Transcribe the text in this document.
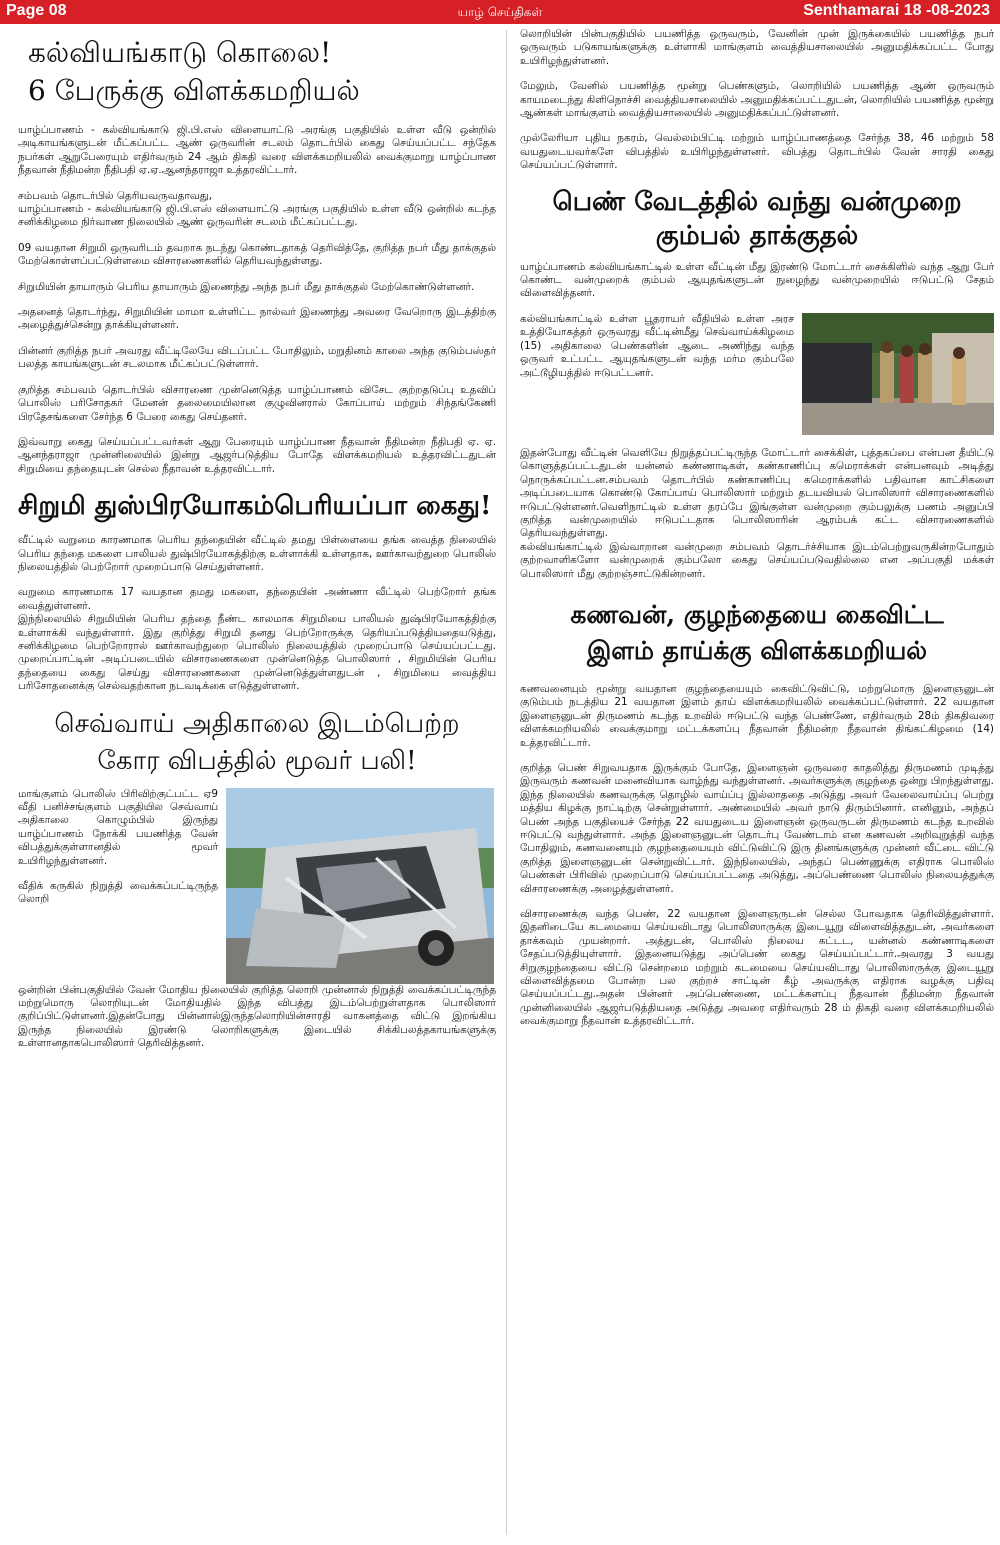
Page 08	யாழ் செய்திகள்	Senthamarai 18 -08-2023
கல்வியங்காடு கொலை!
6 பேருக்கு விளக்கமறியல்

யாழ்ப்பாணம் - கல்வியங்காடு ஜி.பி.எஸ் விளையாட்டு அரங்கு பகுதியில் உள்ள வீடு ஒன்றில் அடிகாயங்களுடன் மீட்கப்பட்ட ஆண் ஒருவரின் சடலம் தொடர்பில் கைது செய்யப்பட்ட சந்தேக நபர்கள் ஆறுபேரையும் எதிர்வரும் 24 ஆம் திகதி வரை விளக்கமறியலில் வைக்குமாறு யாழ்ப்பாண நீதவான் நீதிமன்ற நீதிபதி ஏ.ஏ.ஆனந்தராஜா உத்தரவிட்டார்.

சம்பவம் தொடர்பில் தெரியவருவதாவது,

யாழ்ப்பாணம் - கல்வியங்காடு ஜி.பி.எஸ் விளையாட்டு அரங்கு பகுதியில் உள்ள வீடு ஒன்றில் கடந்த சனிக்கிழமை நிர்வாண நிலையில் ஆண் ஒருவரின் சடலம் மீட்கப்பட்டது.

09 வயதான சிறுமி ஒருவரிடம் தவறாக நடந்து கொண்டதாகத் தெரிவித்தே, குறித்த நபர் மீது தாக்குதல் மேற்கொள்ளப்பட்டுள்ளமை விசாரணைகளில் தெரியவந்துள்ளது.

சிறுமியின் தாயாரும் பெரிய தாயாரும் இணைந்து அந்த நபர் மீது தாக்குதல் மேற்கொண்டுள்ளனர்.

அதனைத் தொடர்ந்து, சிறுமியின் மாமா உள்ளிட்ட நால்வர் இணைந்து அவரை வேறொரு இடத்திற்கு அழைத்துச்சென்று தாக்கியுள்ளனர்.

பின்னர் குறித்த நபர் அவரது வீட்டிலேயே விடப்பட்ட போதிலும், மறுதினம் காலை அந்த குடும்பஸ்தர் பலத்த காயங்களுடன் சடலமாக மீட்கப்பட்டுள்ளார்.

குறித்த சம்பவம் தொடர்பில் விசாரணை முன்னெடுத்த யாழ்ப்பாணம் விசேட குற்றதடுப்பு உதவிப் பொலிஸ் பரிசோதகர் மேனன் தலைமையிலான குழுவினரால் கோப்பாய் மற்றும் சிந்தங்கேணி பிரதேசங்களை சேர்ந்த 6 பேரை கைது செய்தனர்.

இவ்வாறு கைது செய்யப்பட்டவர்கள் ஆறு பேரையும் யாழ்ப்பாண நீதவான் நீதிமன்ற நீதிபதி ஏ. ஏ. ஆனந்தராஜா முன்னிலையில் இன்று ஆஜர்படுத்திய போதே விளக்கமறியல் உத்தரவிட்டதுடன் சிறுமியை தந்தையுடன் செல்ல நீதாவன் உத்தரவிட்டார்.

சிறுமி துஸ்பிரயோகம்பெரியப்பா கைது!

வீட்டில் வறுமை காரணமாக பெரிய தந்தையின் வீட்டில் தமது பிள்ளையை தங்க வைத்த நிலையில் பெரிய தந்தை மகளை பாலியல் துஷ்பிரயோகத்திற்கு உள்ளாக்கி உள்ளதாக, ஊர்காவற்துறை பொலிஸ் நிலையத்தில் பெற்றோர் முறைப்பாடு செய்துள்ளனர்.

வறுமை காரணமாக 17 வயதான தமது மகளை, தந்தையின் அண்ணா வீட்டில் பெற்றோர் தங்க வைத்துள்ளனர்.

இந்நிலையில் சிறுமியின் பெரிய தந்தை நீண்ட காலமாக சிறுமியை பாலியல் துஷ்பிரயோகத்திற்கு உள்ளாக்கி வந்துள்ளார். இது குறித்து சிறுமி தனது பெற்றோருக்கு தெரியப்படுத்தியதையடுத்து, சனிக்கிழமை பெற்றோரால் ஊர்காவற்துறை பொலிஸ் நிலையத்தில் முறைப்பாடு செய்யப்பட்டது. முறைப்பாட்டின் அடிப்படையில் விசாரணைகளை முன்னெடுத்த பொலிஸார் , சிறுமியின் பெரிய தந்தையை கைது செய்து விசாரணைகளை முன்னெடுத்துள்ளதுடன் , சிறுமியை வைத்திய பரிசோதனைக்கு செல்வதற்கான நடவடிக்கை எடுத்துள்ளனர்.

செவ்வாய் அதிகாலை இடம்பெற்ற
கோர விபத்தில் மூவர் பலி!

மாங்குளம் பொலிஸ் பிரிவிற்குட்பட்ட ஏ9 வீதி பனிச்சங்குளம் பகுதியில செவ்வாய் அதிகாலை கொழும்பில் இருந்து யாழ்ப்பாணம் நோக்கி பயணித்த வேன் விபத்துக்குள்ளானதில் மூவர் உயிரிழந்துள்ளனர்.

வீதிக் கருகில் நிறுத்தி வைக்கப்பட்டிருந்த லொறி

ஒன்றின் பின்பகுதியில் வேன் மோதிய நிலையில் குறித்த லொறி முன்னால் நிறுத்தி வைக்கப்பட்டிருந்த மற்றுமொரு லொறியுடன் மோதியதில் இந்த விபத்து இடம்பெற்றுள்ளதாக பொலிஸார் குறிப்பிட்டுள்ளனர்.இதன்போது பின்னால்இருந்தலொறியின்சாரதி வாகனத்தை விட்டு இறங்கிய இருந்த நிலையில் இரண்டு லொறிகளுக்கு இடையில் சிக்கிபலத்தகாயங்களுக்கு உள்ளானதாகபொலிஸார் தெரிவித்தனர்.

லொறியின் பின்பகுதியில் பயணித்த ஒருவரும், வேனின் முன் இருக்கையில் பயணித்த நபர் ஒருவரும் படுகாயங்களுக்கு உள்ளாகி மாங்குளம் வைத்தியசாலையில் அனுமதிக்கப்பட்ட போது உயிரிழந்துள்ளனர்.

மேலும், வேனில் பயணித்த மூன்று பெண்களும், லொறியில் பயணித்த ஆண் ஒருவரும் காயமடைந்து கிளிநொச்சி வைத்தியசாலையில் அனுமதிக்கப்பட்டதுடன், லொறியில் பயணித்த மூன்று ஆண்கள் மாங்குளம் வைத்தியசாலையில் அனுமதிக்கப்பட்டுள்ளனர்.

முல்லேரியா புதிய நகரம், வெல்லம்பிட்டி மற்றும் யாழ்ப்பாணத்தை சேர்ந்த 38, 46 மற்றும் 58 வயதுடையவர்களே விபத்தில் உயிரிழந்துள்ளனர். விபத்து தொடர்பில் வேன் சாரதி கைது செய்யப்பட்டுள்ளார்.

பெண் வேடத்தில் வந்து வன்முறை
கும்பல் தாக்குதல்

யாழ்ப்பாணம் கல்வியங்காட்டில் உள்ள வீட்டின் மீது இரண்டு மோட்டார் சைக்கிளில் வந்த ஆறு பேர் கொண்ட வன்முறைக் கும்பல் ஆயுதங்களுடன் நுழைந்து வன்முறையில் ஈடுபட்டு சேதம் விளைவித்தனர்.

கல்வியங்காட்டில் உள்ள பூதராயர் வீதியில் உள்ள அரச உத்தியோகத்தர் ஒருவரது வீட்டின்மீது செவ்வாய்க்கிழமை (15) அதிகாலை பெண்களின் ஆடை அணிந்து வந்த ஒருவர் உட்பட்ட ஆயுதங்களுடன் வந்த மர்ம கும்பலே அட்டூழியத்தில் ஈடுபட்டனர்.

இதன்போது வீட்டின் வெளியே நிறுத்தப்பட்டிருந்த மோட்டார் சைக்கிள், புத்தகப்பை என்பன தீயிட்டு கொளுத்தப்பட்டதுடன் யன்னல் கண்ணாடிகள், கண்காணிப்பு கமெராக்கள் என்பனவும் அடித்து நொருக்கப்பட்டன.சம்பவம் தொடர்பில் கண்காணிப்பு கமெராக்களில் பதிவான காட்சிகளை அடிப்படையாக கொண்டு கோப்பாய் பொலிஸார் மற்றும் தடயவியல் பொலிஸார் விசாரணைகளில் ஈடுபட்டுள்ளனர்.வெளிநாட்டில் உள்ள தரப்பே இங்குள்ள வன்முறை கும்பலுக்கு பணம் அனுப்பி குறித்த வன்முறையில் ஈடுபட்டதாக பொலிஸாரின் ஆரம்பக் கட்ட விசாரணைகளில் தெரியவந்துள்ளது.

கல்வியங்காட்டில் இவ்வாறான வன்முறை சம்பவம் தொடர்ச்சியாக இடம்பெற்றுவருகின்றபோதும் குற்றவாளிகளோ வன்முறைக் கும்பலோ கைது செய்யப்படுவதில்லை என அப்பகுதி மக்கள் பொலிஸார் மீது குற்றஞ்சாட்டுகின்றனர்.

கணவன், குழந்தையை கைவிட்ட
இளம் தாய்க்கு விளக்கமறியல்

கணவனையும் மூன்று வயதான குழந்தையையும் கைவிட்டுவிட்டு, மற்றுமொரு இளைஞனுடன் குடும்பம் நடத்திய 21 வயதான இளம் தாய் விளக்கமறியலில் வைக்கப்பட்டுள்ளார். 22 வயதான இளைஞனுடன் திருமணம் கடந்த உறவில் ஈடுபட்டு வந்த பெண்ணே, எதிர்வரும் 28ம் திகதிவரை விளக்கமறியலில் வைக்குமாறு மட்டக்களப்பு நீதவான் நீதிமன்ற நீதவான் திங்கட்கிழமை (14) உத்தரவிட்டார்.

குறித்த பெண் சிறுவயதாக இருக்கும் போதே, இளைஞன் ஒருவரை காதலித்து திருமணம் முடித்து இருவரும் கணவன் மனைவியாக வாழ்ந்து வந்துள்ளனர். அவர்களுக்கு குழந்தை ஒன்று பிறந்துள்ளது. இந்த நிலையில் கணவருக்கு தொழில் வாய்ப்பு இல்லாததை அடுத்து அவர் வேலைவாய்ப்பு பெற்று மத்திய கிழக்கு நாட்டிற்கு சென்றுள்ளார். அண்மையில் அவர் நாடு திரும்பினார். எனினும், அந்தப் பெண் அந்த பகுதியைச் சேர்ந்த 22 வயதுடைய இளைஞன் ஒருவருடன் திருமணம் கடந்த உறவில் ஈடுபட்டு வந்துள்ளார். அந்த இளைஞனுடன் தொடர்பு வேண்டாம் என கணவன் அறிவுறுத்தி வந்த போதிலும், கணவனையும் குழந்தையையும் விட்டுவிட்டு இரு தினங்களுக்கு முன்னர் வீட்டை விட்டு குறித்த இளைஞனுடன் சென்றுவிட்டார். இந்நிலையில், அந்தப் பெண்ணுக்கு எதிராக பொலிஸ் பெண்கள் பிரிவில் முறைப்பாடு செய்யப்பட்டதை அடுத்து, அப்பெண்ணை பொலிஸ் நிலையத்துக்கு விசாரணைக்கு அழைத்துள்ளனர்.

விசாரணைக்கு வந்த பெண், 22 வயதான இளைஞருடன் செல்ல போவதாக தெரிவித்துள்ளார். இதனிடையே கடமையை செய்யவிடாது பொலிஸாருக்கு இடையூறு விளைவித்ததுடன், அவர்களை தாக்கவும் முயன்றார். அத்துடன், பொலிஸ் நிலைய கட்டட, யன்னல் கண்ணாடிகளை சேதப்படுத்தியுள்ளார். இதனையடுத்து அப்பெண் கைது செய்யப்பட்டார்.அவரது 3 வயது சிறுகுழந்தையை விட்டு சென்றமை மற்றும் கடமையை செய்யவிடாது பொலிஸாருக்கு இடையூறு விளைவித்தமை போன்ற பல குற்றச் சாட்டின் கீழ் அவருக்கு எதிராக வழக்கு பதிவு செய்யப்பட்டது.அதன் பின்னர் அப்பெண்ணை, மட்டக்களப்பு நீதவான் நீதிமன்ற நீதவான் முன்னிலையில் ஆஜர்படுத்தியதை அடுத்து அவரை எதிர்வரும் 28 ம் திகதி வரை விளக்கமறியலில் வைக்குமாறு நீதவான் உத்தரவிட்டார்.
